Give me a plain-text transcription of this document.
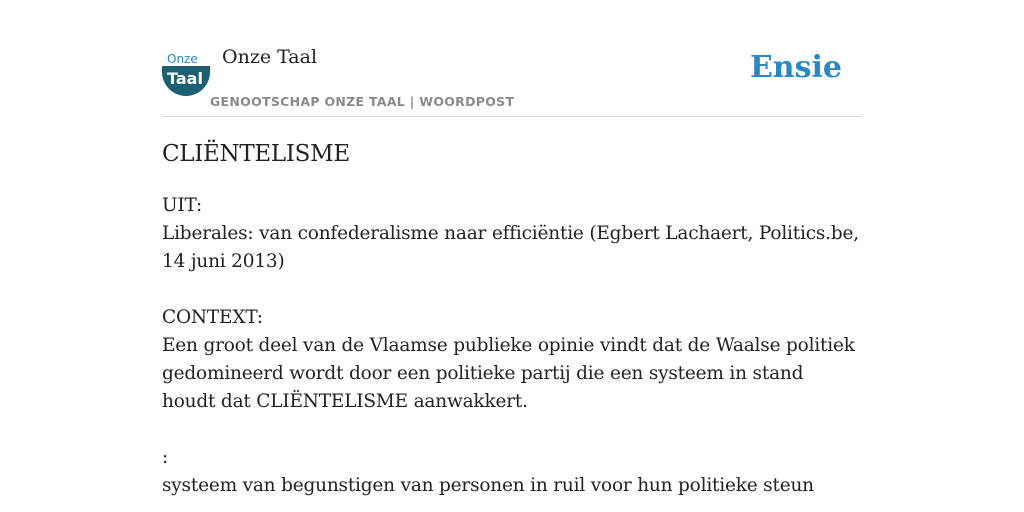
Onze
Taal
Onze Taal
GENOOTSCHAP ONZE TAAL | WOORDPOST
Ensie
CLIËNTELISME

UIT:

Liberales: van confederalisme naar efficiëntie (Egbert Lachaert, Politics.be, 14 juni 2013)

CONTEXT:

Een groot deel van de Vlaamse publieke opinie vindt dat de Waalse politiek gedomineerd wordt door een politieke partij die een systeem in stand houdt dat CLIËNTELISME aanwakkert.

:

systeem van begunstigen van personen in ruil voor hun politieke steun
